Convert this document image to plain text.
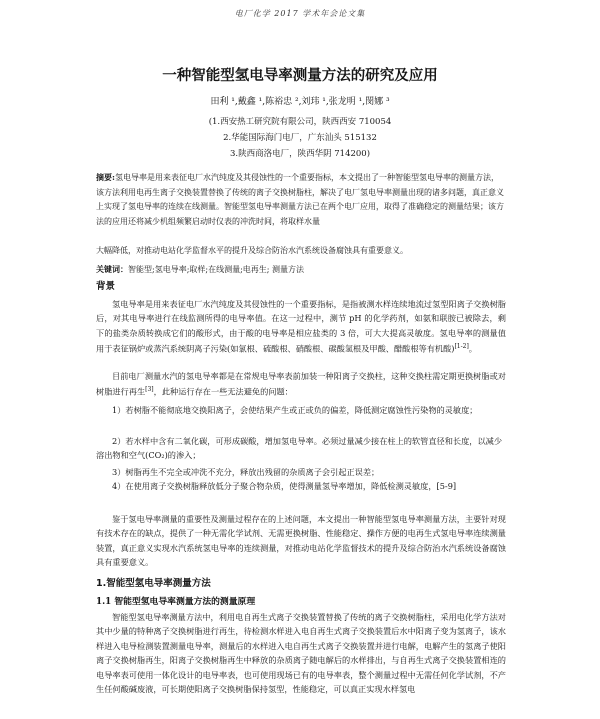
电厂化学 2017 学术年会论文集
一种智能型氢电导率测量方法的研究及应用
田利 ¹,戴鑫 ¹,陈裕忠 ²,刘玮 ¹,张龙明 ¹,閔娜 ³
(1.西安热工研究院有限公司，陕西西安 710054
2.华能国际海门电厂，广东汕头 515132
3.陕西商洛电厂，陕西华阴 714200)

摘要:氢电导率是用来表征电厂水汽纯度及其侵蚀性的一个重要指标，本文提出了一种智能型氢电导率的测量方法，该方法利用电再生离子交换装置替换了传统的离子交换树脂柱，解决了电厂氢电导率测量出现的诸多问题，真正意义上实现了氢电导率的连续在线测量。智能型氢电导率测量方法已在两个电厂应用，取得了准确稳定的测量结果；该方法的应用还将减少机组频繁启动时仪表的冲洗时间，将取样水量

大幅降低，对推动电站化学监督水平的提升及综合防治水汽系统设备腐蚀具有重要意义。

关键词：智能型;氢电导率;取样;在线测量;电再生; 测量方法
背景

氢电导率是用来表征电厂水汽纯度及其侵蚀性的一个重要指标，是指被测水样连续地流过氢型阳离子交换树脂后，对其电导率进行在线监测所得的电导率值。在这一过程中，测节 pH 的化学药剂，如氨和联胺已被除去，剩下的盐类杂质转换成它们的酸形式，由于酸的电导率是相应盐类的 3 倍，可大大提高灵敏度。氢电导率的测量值用于表征锅炉或蒸汽系统阴离子污染(如氯根、硫酸根、硝酸根、碳酸氢根及甲酸、醋酸根等有机酸)[1-2]。

目前电厂测量水汽的氢电导率都是在常规电导率表前加装一种阳离子交换柱，这种交换柱需定期更换树脂或对树脂进行再生[3]，此种运行存在一些无法避免的问题：

1）若树脂不能彻底地交换阳离子，会使结果产生或正或负的偏差，降低测定腐蚀性污染物的灵敏度；

2）若水样中含有二氧化碳，可形成碳酸，增加氢电导率。必须过量减少接在柱上的软管直径和长度，以减少溶出物和空气(CO₂)的渗入；

3）树脂再生不完全或冲洗不充分，释放出残留的杂质离子会引起正误差；

4）在使用离子交换树脂释放低分子聚合物杂质，使得测量氢导率增加，降低检测灵敏度，[5-9]

鉴于氢电导率测量的重要性及测量过程存在的上述问题，本文提出一种智能型氢电导率测量方法，主要针对现有技术存在的缺点，提供了一种无需化学试剂、无需更换树脂、性能稳定、操作方便的电再生式氢电导率连续测量装置，真正意义实现水汽系统氢电导率的连续测量，对推动电站化学监督技术的提升及综合防治水汽系统设备腐蚀具有重要意义。

1.智能型氢电导率测量方法
1.1 智能型氢电导率测量方法的测量原理

智能型氢电导率测量方法中，利用电自再生式离子交换装置替换了传统的离子交换树脂柱，采用电化学方法对其中少量的特种离子交换树脂进行再生，待检测水样进入电自再生式离子交换装置后水中阳离子变为氢离子，该水样进入电导检测装置测量电导率，测量后的水样进入电自再生式离子交换装置并进行电解，电解产生的氢离子使阳离子交换树脂再生，阳离子交换树脂再生中释放的杂质离子随电解后的水样排出，与自再生式离子交换装置相连的电导率表可使用一体化设计的电导率表，也可使用现场已有的电导率表，整个测量过程中无需任何化学试剂，不产生任何酸碱废液，可长期使阳离子交换树脂保持氢型，性能稳定，可以真正实现水样氢电
